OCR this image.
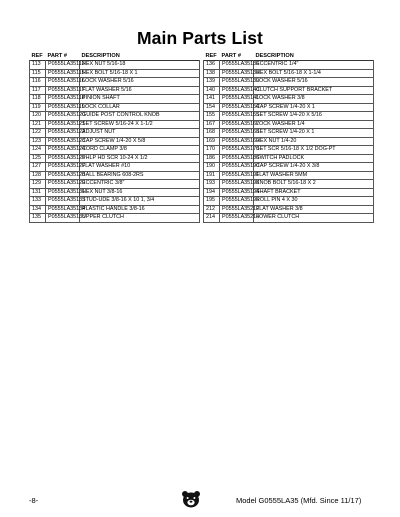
Main Parts List
REF	PART #	DESCRIPTION
113	P0555LA35113	HEX NUT 5/16-18
115	P0555LA35115	HEX BOLT 5/16-18 X 1
116	P0555LA35116	LOCK WASHER 5/16
117	P0555LA35117	FLAT WASHER 5/16
118	P0555LA35118	PINION SHAFT
119	P0555LA35119	LOCK COLLAR
120	P0555LA35120	GUIDE POST CONTROL KNOB
121	P0555LA35121	SET SCREW 5/16-24 X 1-1/2
122	P0555LA35122	ADJUST NUT
123	P0555LA35123	CAP SCREW 1/4-20 X 5/8
124	P0555LA35124	CORD CLAMP 3/8
125	P0555LA35125	PHLP HD SCR 10-24 X 1/2
127	P0555LA35127	FLAT WASHER #10
128	P0555LA35128	BALL BEARING 608-2RS
129	P0555LA35129	ECCENTRIC 3/8"
131	P0555LA35131	HEX NUT 3/8-16
133	P0555LA35133	STUD-UDE 3/8-16 X 10 1, 3/4
134	P0555LA35134	PLASTIC HANDLE 3/8-16
135	P0555LA35135	UPPER CLUTCH
REF	PART #	DESCRIPTION
136	P0555LA35136	ECCENTRIC 1/4"
138	P0555LA35138	HEX BOLT 5/16-18 X 1-1/4
139	P0555LA35139	LOCK WASHER 5/16
140	P0555LA35140	CLUTCH SUPPORT BRACKET
141	P0555LA35141	LOCK WASHER 3/8
154	P0555LA35154	CAP SCREW 1/4-20 X 1
155	P0555LA35155	SET SCREW 1/4-20 X 5/16
167	P0555LA35167	LOCK WASHER 1/4
168	P0555LA35168	SET SCREW 1/4-20 X 1
169	P0555LA35169	HEX NUT 1/4-20
170	P0555LA35170	SET SCR 5/16-18 X 1/2 DOG-PT
186	P0555LA35186	SWITCH PADLOCK
190	P0555LA35190	CAP SCREW 1/4-20 X 3/8
191	P0555LA35191	FLAT WASHER 5MM
193	P0555LA35193	KNOB BOLT 5/16-18 X 2
194	P0555LA35194	SHAFT BRACKET
195	P0555LA35195	ROLL PIN 4 X 30
212	P0555LA35212	FLAT WASHER 3/8
214	P0555LA35214	LOWER CLUTCH
-8-	Model G0555LA35 (Mfd. Since 11/17)
